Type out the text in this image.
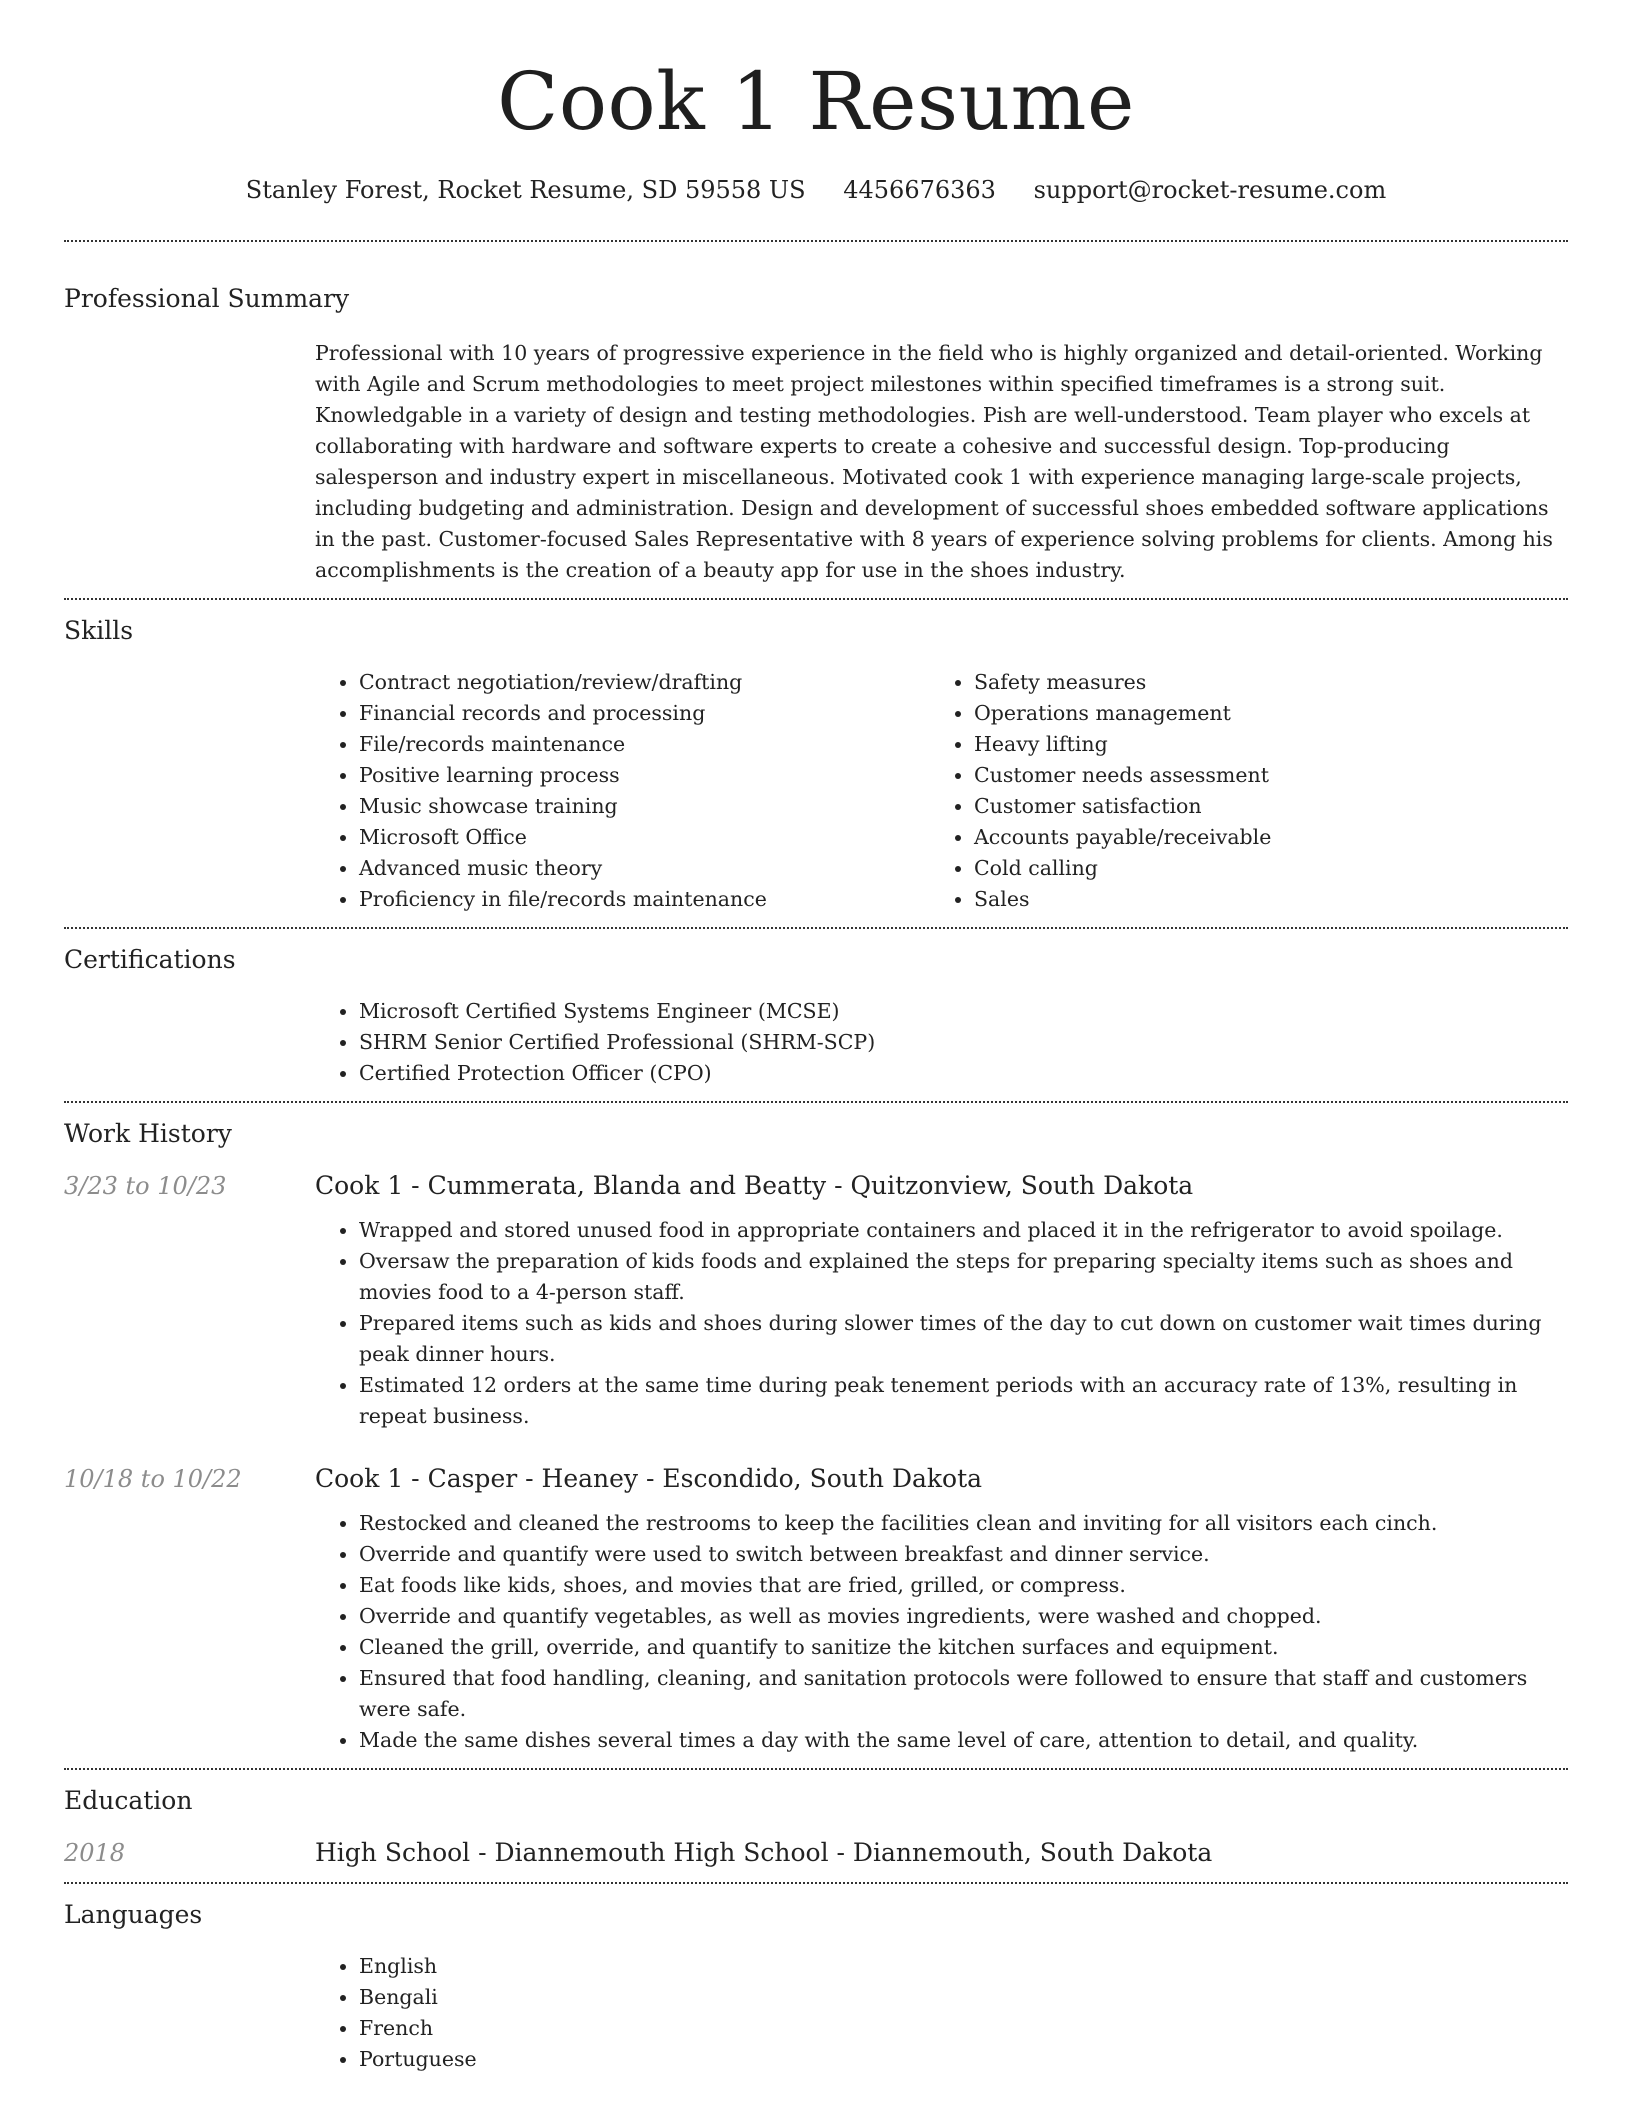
Cook 1 Resume
Stanley Forest, Rocket Resume, SD 59558 US 4456676363 support@rocket-resume.com
Professional Summary

Professional with 10 years of progressive experience in the field who is highly organized and detail-oriented. Working with Agile and Scrum methodologies to meet project milestones within specified timeframes is a strong suit. Knowledgable in a variety of design and testing methodologies. Pish are well-understood. Team player who excels at collaborating with hardware and software experts to create a cohesive and successful design. Top-producing salesperson and industry expert in miscellaneous. Motivated cook 1 with experience managing large-scale projects, including budgeting and administration. Design and development of successful shoes embedded software applications in the past. Customer-focused Sales Representative with 8 years of experience solving problems for clients. Among his accomplishments is the creation of a beauty app for use in the shoes industry.

Skills
• Contract negotiation/review/drafting
• Financial records and processing
• File/records maintenance
• Positive learning process
• Music showcase training
• Microsoft Office
• Advanced music theory
• Proficiency in file/records maintenance
• Safety measures
• Operations management
• Heavy lifting
• Customer needs assessment
• Customer satisfaction
• Accounts payable/receivable
• Cold calling
• Sales
Certifications
• Microsoft Certified Systems Engineer (MCSE)
• SHRM Senior Certified Professional (SHRM-SCP)
• Certified Protection Officer (CPO)
Work History
3/23 to 10/23	Cook 1 - Cummerata, Blanda and Beatty - Quitzonview, South Dakota
• Wrapped and stored unused food in appropriate containers and placed it in the refrigerator to avoid spoilage.
• Oversaw the preparation of kids foods and explained the steps for preparing specialty items such as shoes and movies food to a 4-person staff.
• Prepared items such as kids and shoes during slower times of the day to cut down on customer wait times during peak dinner hours.
• Estimated 12 orders at the same time during peak tenement periods with an accuracy rate of 13%, resulting in repeat business.
10/18 to 10/22	Cook 1 - Casper - Heaney - Escondido, South Dakota
• Restocked and cleaned the restrooms to keep the facilities clean and inviting for all visitors each cinch.
• Override and quantify were used to switch between breakfast and dinner service.
• Eat foods like kids, shoes, and movies that are fried, grilled, or compress.
• Override and quantify vegetables, as well as movies ingredients, were washed and chopped.
• Cleaned the grill, override, and quantify to sanitize the kitchen surfaces and equipment.
• Ensured that food handling, cleaning, and sanitation protocols were followed to ensure that staff and customers were safe.
• Made the same dishes several times a day with the same level of care, attention to detail, and quality.
Education
2018	High School - Diannemouth High School - Diannemouth, South Dakota
Languages
• English
• Bengali
• French
• Portuguese
